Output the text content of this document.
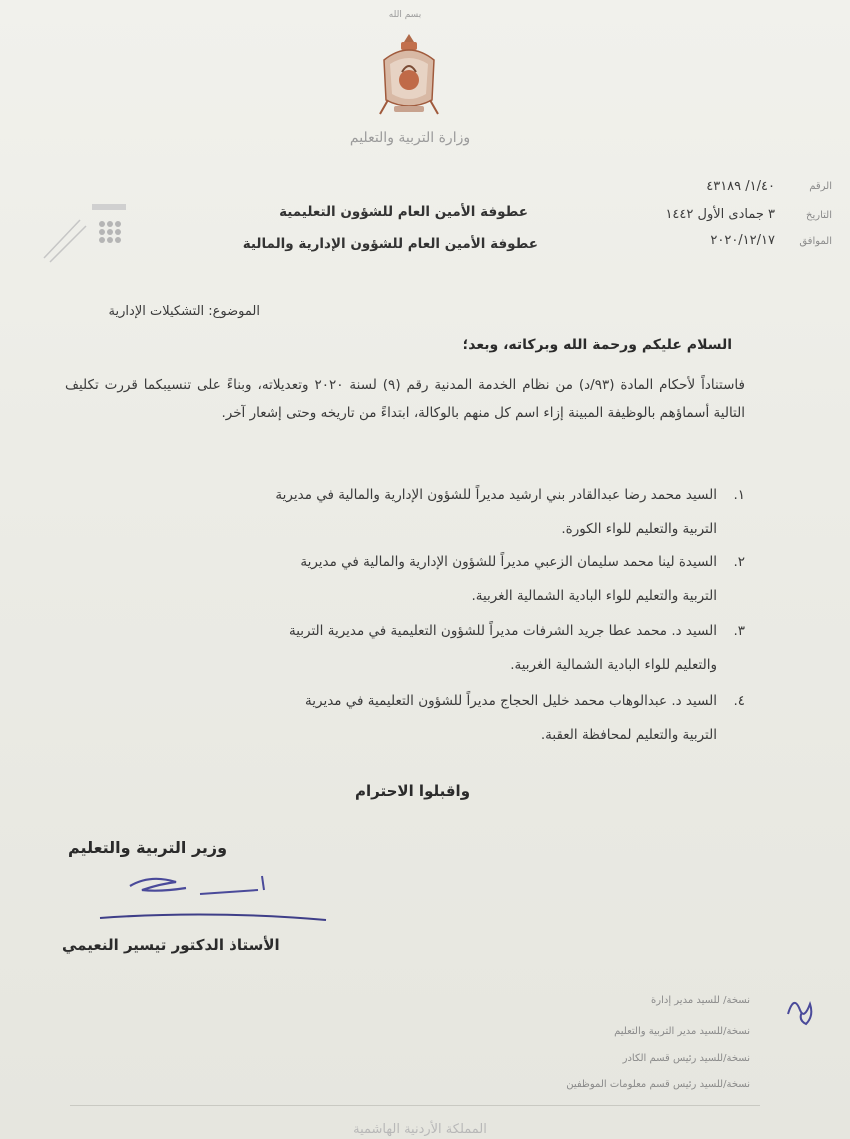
بسم الله
وزارة التربية والتعليم
الرقم
١/٤٠/ ٤٣١٨٩
التاريخ
٣ جمادى الأول ١٤٤٢
الموافق
٢٠٢٠/١٢/١٧
عطوفة الأمين العام للشؤون التعليمية
عطوفة الأمين العام للشؤون الإدارية والمالية
الموضوع: التشكيلات الإدارية
السلام عليكم ورحمة الله وبركاته، وبعد؛
فاستناداً لأحكام المادة (٩٣/د) من نظام الخدمة المدنية رقم (٩) لسنة ٢٠٢٠ وتعديلاته، وبناءً على تنسيبكما قررت تكليف التالية أسماؤهم بالوظيفة المبينة إزاء اسم كل منهم بالوكالة، ابتداءً من تاريخه وحتى إشعار آخر.
١.السيد محمد رضا عبدالقادر بني ارشيد مديراً للشؤون الإدارية والمالية في مديرية
التربية والتعليم للواء الكورة.
٢.السيدة لينا محمد سليمان الزعبي مديراً للشؤون الإدارية والمالية في مديرية
التربية والتعليم للواء البادية الشمالية الغربية.
٣.السيد د. محمد عطا جريد الشرفات مديراً للشؤون التعليمية في مديرية التربية
والتعليم للواء البادية الشمالية الغربية.
٤.السيد د. عبدالوهاب محمد خليل الحجاج مديراً للشؤون التعليمية في مديرية
التربية والتعليم لمحافظة العقبة.
واقبلوا الاحترام
وزير التربية والتعليم
الأستاذ الدكتور تيسير النعيمي
نسخة/ للسيد مدير إدارة
نسخة/للسيد مدير التربية والتعليم
نسخة/للسيد رئيس قسم الكادر
نسخة/للسيد رئيس قسم معلومات الموظفين
المملكة الأردنية الهاشمية
